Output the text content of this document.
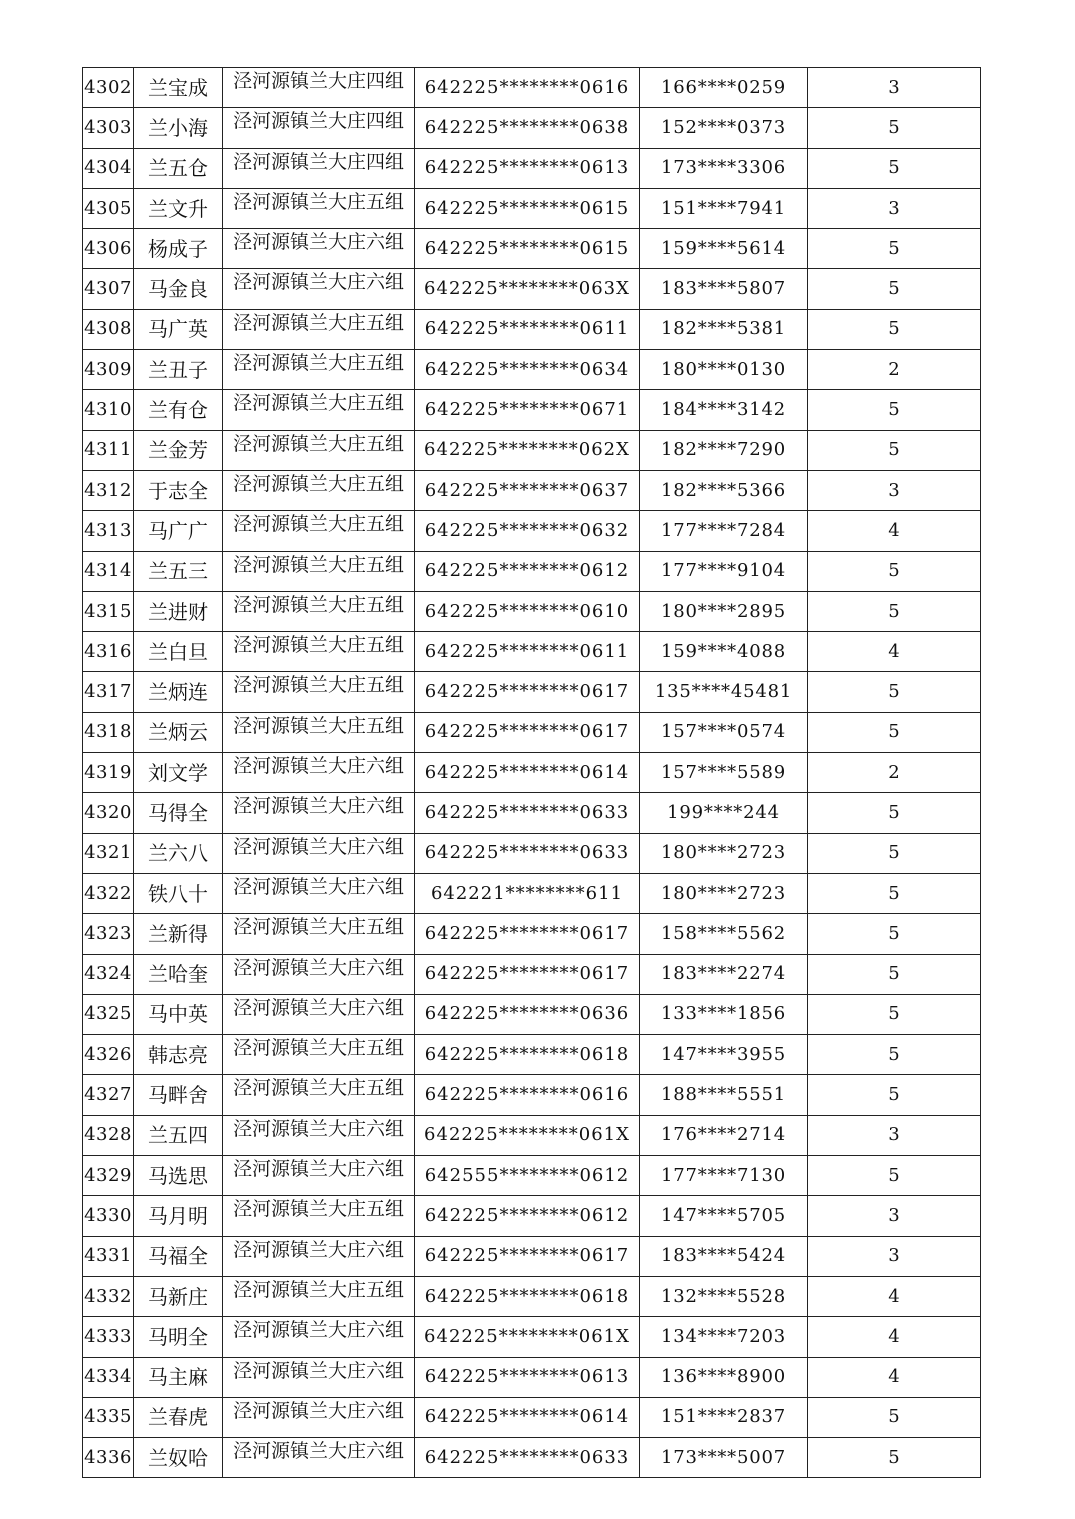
4302	兰宝成	泾河源镇兰大庄四组	642225********0616	166****0259	3
4303	兰小海	泾河源镇兰大庄四组	642225********0638	152****0373	5
4304	兰五仓	泾河源镇兰大庄四组	642225********0613	173****3306	5
4305	兰文升	泾河源镇兰大庄五组	642225********0615	151****7941	3
4306	杨成子	泾河源镇兰大庄六组	642225********0615	159****5614	5
4307	马金良	泾河源镇兰大庄六组	642225********063X	183****5807	5
4308	马广英	泾河源镇兰大庄五组	642225********0611	182****5381	5
4309	兰丑子	泾河源镇兰大庄五组	642225********0634	180****0130	2
4310	兰有仓	泾河源镇兰大庄五组	642225********0671	184****3142	5
4311	兰金芳	泾河源镇兰大庄五组	642225********062X	182****7290	5
4312	于志全	泾河源镇兰大庄五组	642225********0637	182****5366	3
4313	马广广	泾河源镇兰大庄五组	642225********0632	177****7284	4
4314	兰五三	泾河源镇兰大庄五组	642225********0612	177****9104	5
4315	兰进财	泾河源镇兰大庄五组	642225********0610	180****2895	5
4316	兰白旦	泾河源镇兰大庄五组	642225********0611	159****4088	4
4317	兰炳连	泾河源镇兰大庄五组	642225********0617	135****45481	5
4318	兰炳云	泾河源镇兰大庄五组	642225********0617	157****0574	5
4319	刘文学	泾河源镇兰大庄六组	642225********0614	157****5589	2
4320	马得全	泾河源镇兰大庄六组	642225********0633	199****244	5
4321	兰六八	泾河源镇兰大庄六组	642225********0633	180****2723	5
4322	铁八十	泾河源镇兰大庄六组	642221********611	180****2723	5
4323	兰新得	泾河源镇兰大庄五组	642225********0617	158****5562	5
4324	兰哈奎	泾河源镇兰大庄六组	642225********0617	183****2274	5
4325	马中英	泾河源镇兰大庄六组	642225********0636	133****1856	5
4326	韩志亮	泾河源镇兰大庄五组	642225********0618	147****3955	5
4327	马畔舍	泾河源镇兰大庄五组	642225********0616	188****5551	5
4328	兰五四	泾河源镇兰大庄六组	642225********061X	176****2714	3
4329	马选思	泾河源镇兰大庄六组	642555********0612	177****7130	5
4330	马月明	泾河源镇兰大庄五组	642225********0612	147****5705	3
4331	马福全	泾河源镇兰大庄六组	642225********0617	183****5424	3
4332	马新庄	泾河源镇兰大庄五组	642225********0618	132****5528	4
4333	马明全	泾河源镇兰大庄六组	642225********061X	134****7203	4
4334	马主麻	泾河源镇兰大庄六组	642225********0613	136****8900	4
4335	兰春虎	泾河源镇兰大庄六组	642225********0614	151****2837	5
4336	兰奴哈	泾河源镇兰大庄六组	642225********0633	173****5007	5
